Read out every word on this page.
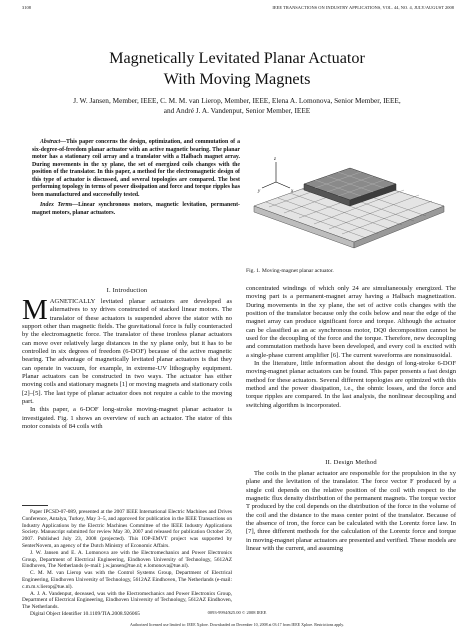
3108	IEEE TRANSACTIONS ON INDUSTRY APPLICATIONS, VOL. 44, NO. 4, JULY/AUGUST 2008
Magnetically Levitated Planar Actuator
With Moving Magnets
J. W. Jansen, Member, IEEE, C. M. M. van Lierop, Member, IEEE, Elena A. Lomonova, Senior Member, IEEE,
and André J. A. Vandenput, Senior Member, IEEE

Abstract—This paper concerns the design, optimization, and commutation of a six-degree-of-freedom planar actuator with an active magnetic bearing. The planar motor has a stationary coil array and a translator with a Halbach magnet array. During movements in the xy plane, the set of energized coils changes with the position of the translator. In this paper, a method for the electromagnetic design of this type of actuator is discussed, and several topologies are compared. The best performing topology in terms of power dissipation and force and torque ripples has been manufactured and successfully tested.

Index Terms—Linear synchronous motors, magnetic levitation, permanent-magnet motors, planar actuators.

z
x
y
Fig. 1. Moving-magnet planar actuator.
I. Introduction

MAGNETICALLY levitated planar actuators are developed as alternatives to xy drives constructed of stacked linear motors. The translator of these actuators is suspended above the stator with no support other than magnetic fields. The gravitational force is fully counteracted by the electromagnetic force. The translator of these ironless planar actuators can move over relatively large distances in the xy plane only, but it has to be controlled in six degrees of freedom (6-DOF) because of the active magnetic bearing. The advantage of magnetically levitated planar actuators is that they can operate in vacuum, for example, in extreme-UV lithography equipment. Planar actuators can be constructed in two ways. The actuator has either moving coils and stationary magnets [1] or moving magnets and stationary coils [2]–[5]. The last type of planar actuator does not require a cable to the moving part.

In this paper, a 6-DOF long-stroke moving-magnet planar actuator is investigated. Fig. 1 shows an overview of such an actuator. The stator of this motor consists of 84 coils with

Paper IPCSD-07-089, presented at the 2007 IEEE International Electric Machines and Drives Conference, Antalya, Turkey, May 3–5, and approved for publication in the IEEE Transactions on Industry Applications by the Electric Machines Committee of the IEEE Industry Applications Society. Manuscript submitted for review May 30, 2007 and released for publication October 29, 2007. Published July 23, 2008 (projected). This IOP-EMVT project was supported by SenterNovem, an agency of the Dutch Ministry of Economic Affairs.

J. W. Jansen and E. A. Lomonova are with the Electromechanics and Power Electronics Group, Department of Electrical Engineering, Eindhoven University of Technology, 5612AZ Eindhoven, The Netherlands (e-mail: j.w.jansen@tue.nl; e.lomonova@tue.nl).

C. M. M. van Lierop was with the Control Systems Group, Department of Electrical Engineering, Eindhoven University of Technology, 5612AZ Eindhoven, The Netherlands (e-mail: c.m.m.v.lierop@tue.nl).

A. J. A. Vandenput, deceased, was with the Electromechanics and Power Electronics Group, Department of Electrical Engineering, Eindhoven University of Technology, 5612AZ Eindhoven, The Netherlands.

Digital Object Identifier 10.1109/TIA.2008.926065

concentrated windings of which only 24 are simultaneously energized. The moving part is a permanent-magnet array having a Halbach magnetization. During movements in the xy plane, the set of active coils changes with the position of the translator because only the coils below and near the edge of the magnet array can produce significant force and torque. Although the actuator can be classified as an ac synchronous motor, DQ0 decomposition cannot be used for the decoupling of the force and the torque. Therefore, new decoupling and commutation methods have been developed, and every coil is excited with a single-phase current amplifier [6]. The current waveforms are nonsinusoidal.

In the literature, little information about the design of long-stroke 6-DOF moving-magnet planar actuators can be found. This paper presents a fast design method for these actuators. Several different topologies are optimized with this method and the power dissipation, i.e., the ohmic losses, and the force and torque ripples are compared. In the last analysis, the nonlinear decoupling and switching algorithm is incorporated.

II. Design Method

The coils in the planar actuator are responsible for the propulsion in the xy plane and the levitation of the translator. The force vector F produced by a single coil depends on the relative position of the coil with respect to the magnetic flux density distribution of the permanent magnets. The torque vector T produced by the coil depends on the distribution of the force in the volume of the coil and the distance to the mass center point of the translator. Because of the absence of iron, the force can be calculated with the Lorentz force law. In [7], three different methods for the calculation of the Lorentz force and torque in moving-magnet planar actuators are presented and verified. These models are linear with the current, and assuming

0093-9994/$25.00 © 2008 IEEE
Authorized licensed use limited to: IEEE Xplore. Downloaded on December 10, 2008 at 03:17 from IEEE Xplore. Restrictions apply.
